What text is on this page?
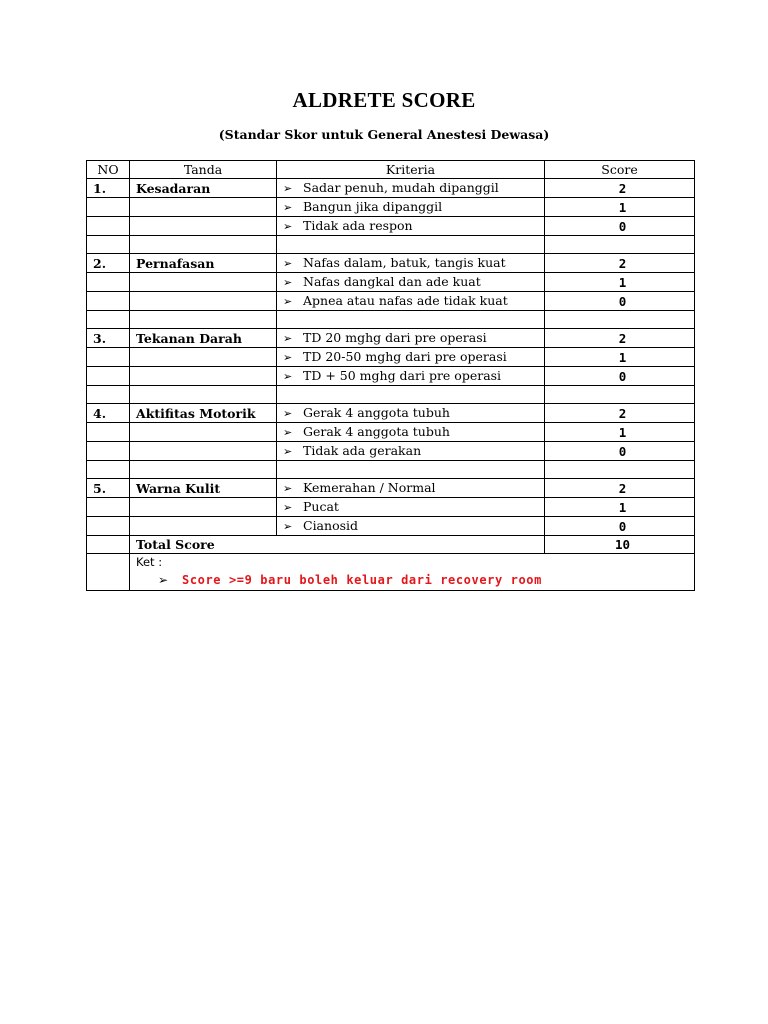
ALDRETE SCORE
(Standar Skor untuk General Anestesi Dewasa)
NO	Tanda	Kriteria	Score
1.	Kesadaran	➢ Sadar penuh, mudah dipanggil	2
		➢ Bangun jika dipanggil	1
		➢ Tidak ada respon	0

2.	Pernafasan	➢ Nafas dalam, batuk, tangis kuat	2
		➢ Nafas dangkal dan ade kuat	1
		➢ Apnea atau nafas ade tidak kuat	0

3.	Tekanan Darah	➢ TD 20 mghg dari pre operasi	2
		➢ TD 20-50 mghg dari pre operasi	1
		➢ TD + 50 mghg dari pre operasi	0

4.	Aktifitas Motorik	➢ Gerak 4 anggota tubuh	2
		➢ Gerak 4 anggota tubuh	1
		➢ Tidak ada gerakan	0

5.	Warna Kulit	➢ Kemerahan / Normal	2
		➢ Pucat	1
		➢ Cianosid	0
	Total Score		10

	Ket :
➢ Score >=9 baru boleh keluar dari recovery room		
